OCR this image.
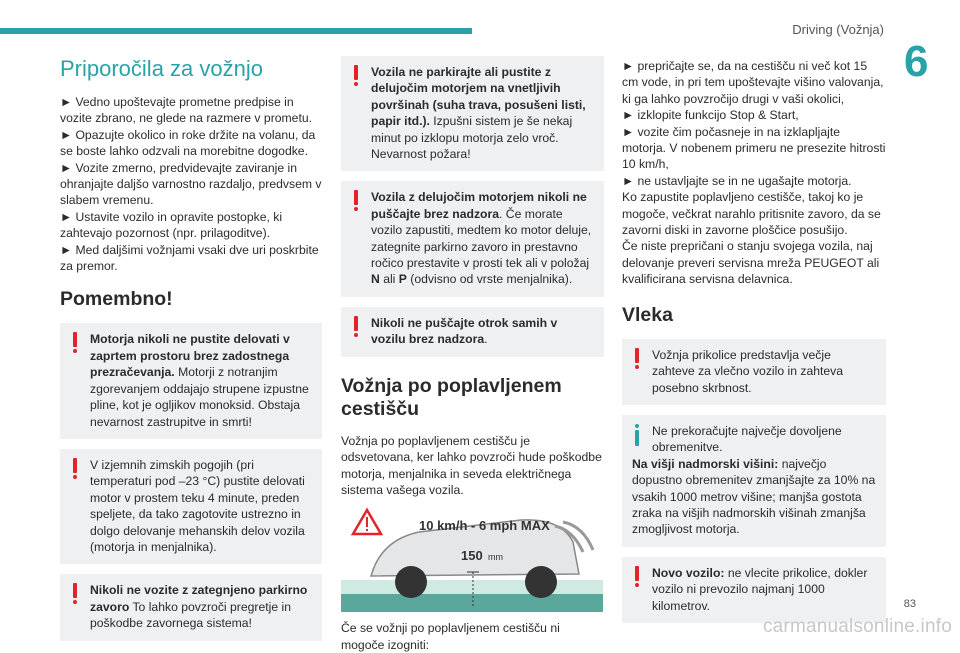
Driving (Vožnja)
6
Priporočila za vožnjo

► Vedno upoštevajte prometne predpise in vozite zbrano, ne glede na razmere v prometu.

► Opazujte okolico in roke držite na volanu, da se boste lahko odzvali na morebitne dogodke.

► Vozite zmerno, predvidevajte zaviranje in ohranjajte daljšo varnostno razdaljo, predvsem v slabem vremenu.

► Ustavite vozilo in opravite postopke, ki zahtevajo pozornost (npr. prilagoditve).

► Med daljšimi vožnjami vsaki dve uri poskrbite za premor.

Pomembno!

Motorja nikoli ne pustite delovati v zaprtem prostoru brez zadostnega prezračevanja. Motorji z notranjim zgorevanjem oddajajo strupene izpustne pline, kot je ogljikov monoksid. Obstaja nevarnost zastrupitve in smrti!

V izjemnih zimskih pogojih (pri temperaturi pod –23 °C) pustite delovati motor v prostem teku 4 minute, preden speljete, da tako zagotovite ustrezno in dolgo delovanje mehanskih delov vozila (motorja in menjalnika).

Nikoli ne vozite z zategnjeno parkirno zavoro To lahko povzroči pregretje in poškodbe zavornega sistema!

Vozila ne parkirajte ali pustite z delujočim motorjem na vnetljivih površinah (suha trava, posušeni listi, papir itd.). Izpušni sistem je še nekaj minut po izklopu motorja zelo vroč. Nevarnost požara!

Vozila z delujočim motorjem nikoli ne puščajte brez nadzora. Če morate vozilo zapustiti, medtem ko motor deluje, zategnite parkirno zavoro in prestavno ročico prestavite v prosti tek ali v položaj N ali P (odvisno od vrste menjalnika).

Nikoli ne puščajte otrok samih v vozilu brez nadzora.

Vožnja po poplavljenem cestišču

Vožnja po poplavljenem cestišču je odsvetovana, ker lahko povzroči hude poškodbe motorja, menjalnika in seveda električnega sistema vašega vozila.

10 km/h - 6 mph MAX
150 mm

Če se vožnji po poplavljenem cestišču ni mogoče izogniti:

► prepričajte se, da na cestišču ni več kot 15 cm vode, in pri tem upoštevajte višino valovanja, ki ga lahko povzročijo drugi v vaši okolici,

► izklopite funkcijo Stop & Start,

► vozite čim počasneje in na izklapljajte motorja. V nobenem primeru ne presezite hitrosti 10 km/h,

► ne ustavljajte se in ne ugašajte motorja.

Ko zapustite poplavljeno cestišče, takoj ko je mogoče, večkrat narahlo pritisnite zavoro, da se zavorni diski in zavorne ploščice posušijo.

Če niste prepričani o stanju svojega vozila, naj delovanje preveri servisna mreža PEUGEOT ali kvalificirana servisna delavnica.

Vleka

Vožnja prikolice predstavlja večje zahteve za vlečno vozilo in zahteva posebno skrbnost.

Ne prekoračujte največje dovoljene obremenitve.

Na višji nadmorski višini: največjo dopustno obremenitev zmanjšajte za 10% na vsakih 1000 metrov višine; manjša gostota zraka na višjih nadmorskih višinah zmanjša zmogljivost motorja.

Novo vozilo: ne vlecite prikolice, dokler vozilo ni prevozilo najmanj 1000 kilometrov.	83
carmanualsonline.info
